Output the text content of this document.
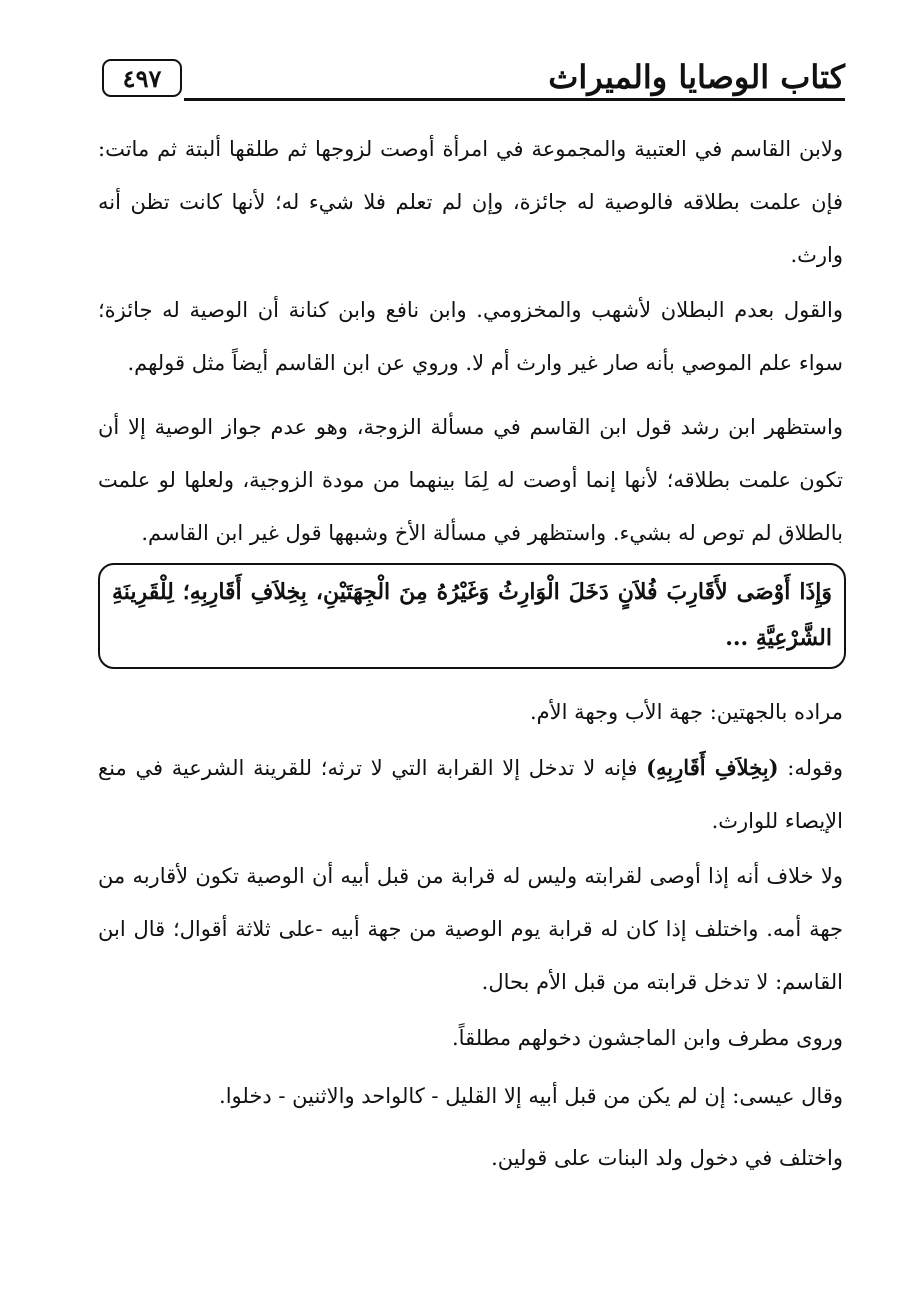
٤٩٧	كتاب الوصايا والميراث

ولابن القاسم في العتبية والمجموعة في امرأة أوصت لزوجها ثم طلقها ألبتة ثم ماتت: فإن علمت بطلاقه فالوصية له جائزة، وإن لم تعلم فلا شيء له؛ لأنها كانت تظن أنه وارث.

والقول بعدم البطلان لأشهب والمخزومي. وابن نافع وابن كنانة أن الوصية له جائزة؛ سواء علم الموصي بأنه صار غير وارث أم لا. وروي عن ابن القاسم أيضاً مثل قولهم.

واستظهر ابن رشد قول ابن القاسم في مسألة الزوجة، وهو عدم جواز الوصية إلا أن تكون علمت بطلاقه؛ لأنها إنما أوصت له لِمَا بينهما من مودة الزوجية، ولعلها لو علمت بالطلاق لم توص له بشيء. واستظهر في مسألة الأخ وشبهها قول غير ابن القاسم.

وَإِذَا أَوْصَى لأَقَارِبَ فُلاَنٍ دَخَلَ الْوَارِثُ وَغَيْرُهُ مِنَ الْجِهَتَيْنِ، بِخِلاَفِ أَقَارِبِهِ؛ لِلْقَرِينَةِ الشَّرْعِيَّةِ ...

مراده بالجهتين: جهة الأب وجهة الأم.

وقوله: (بِخِلاَفِ أَقَارِبِهِ) فإنه لا تدخل إلا القرابة التي لا ترثه؛ للقرينة الشرعية في منع الإيصاء للوارث.

ولا خلاف أنه إذا أوصى لقرابته وليس له قرابة من قبل أبيه أن الوصية تكون لأقاربه من جهة أمه. واختلف إذا كان له قرابة يوم الوصية من جهة أبيه -على ثلاثة أقوال؛ قال ابن القاسم: لا تدخل قرابته من قبل الأم بحال.

وروى مطرف وابن الماجشون دخولهم مطلقاً.

وقال عيسى: إن لم يكن من قبل أبيه إلا القليل - كالواحد والاثنين - دخلوا.

واختلف في دخول ولد البنات على قولين.
